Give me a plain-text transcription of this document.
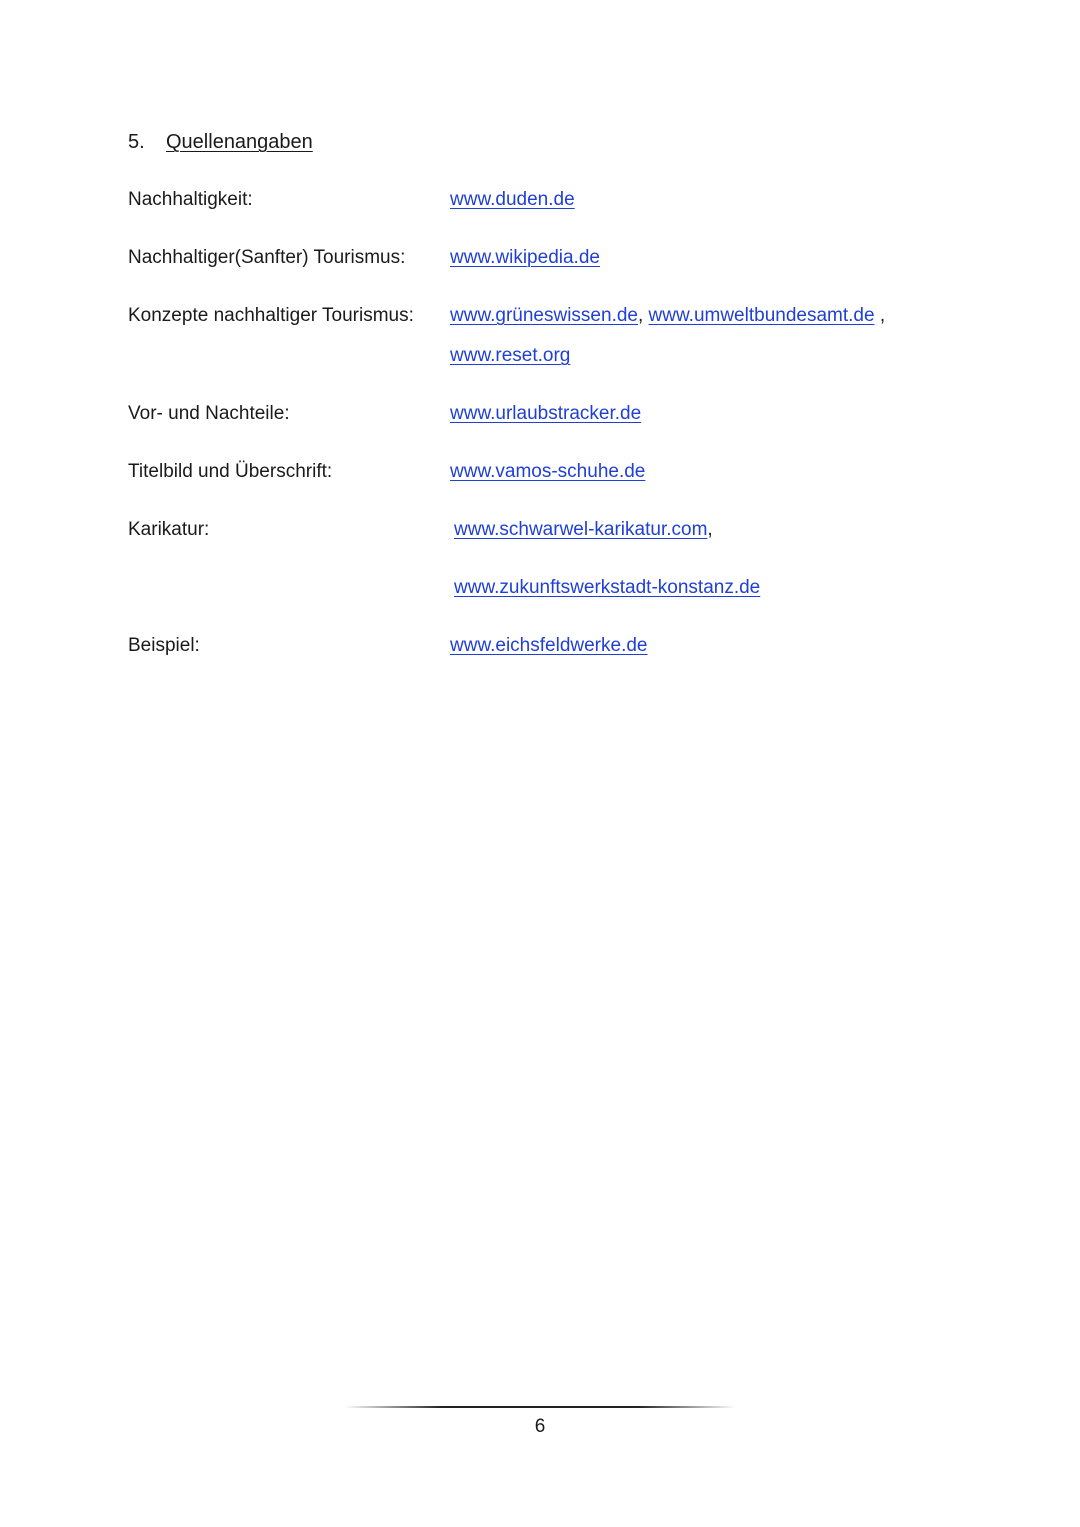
5. Quellenangaben
Nachhaltigkeit:	www.duden.de
Nachhaltiger(Sanfter) Tourismus: www.wikipedia.de
Konzepte nachhaltiger Tourismus: www.grüneswissen.de, www.umweltbundesamt.de ,
www.reset.org
Vor- und Nachteile:	www.urlaubstracker.de
Titelbild und Überschrift:	www.vamos-schuhe.de
Karikatur:	www.schwarwel-karikatur.com,
www.zukunftswerkstadt-konstanz.de
Beispiel:	www.eichsfeldwerke.de
6
